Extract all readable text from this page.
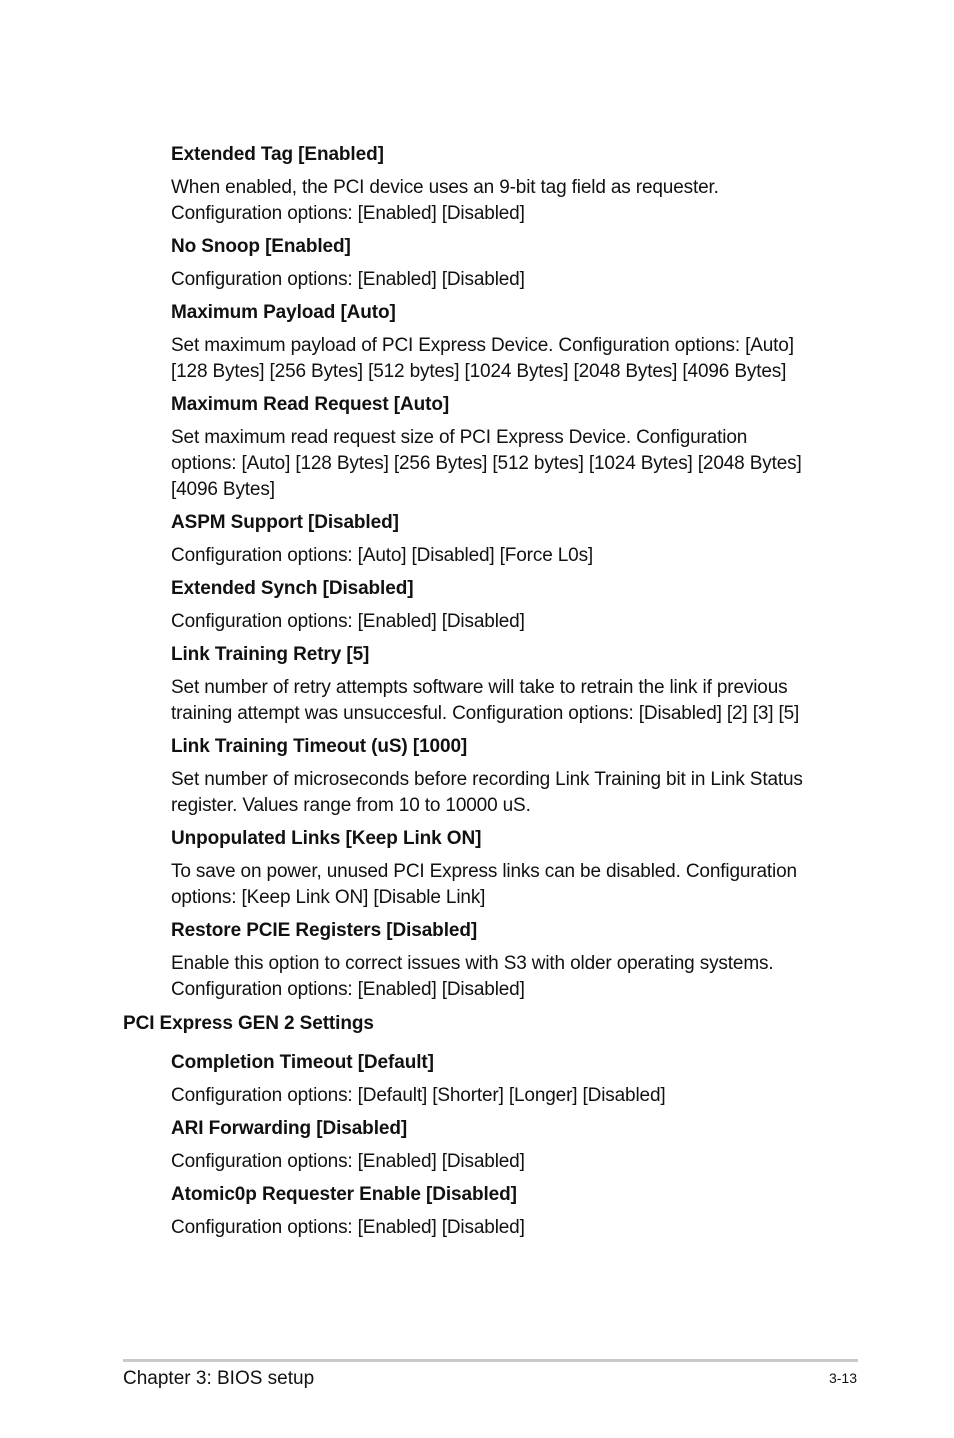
Extended Tag [Enabled]
When enabled, the PCI device uses an 9-bit tag field as requester.
Configuration options: [Enabled] [Disabled]
No Snoop [Enabled]
Configuration options: [Enabled] [Disabled]
Maximum Payload [Auto]
Set maximum payload of PCI Express Device. Configuration options: [Auto]
[128 Bytes] [256 Bytes] [512 bytes] [1024 Bytes] [2048 Bytes] [4096 Bytes]
Maximum Read Request [Auto]
Set maximum read request size of PCI Express Device. Configuration
options: [Auto] [128 Bytes] [256 Bytes] [512 bytes] [1024 Bytes] [2048 Bytes]
[4096 Bytes]
ASPM Support [Disabled]
Configuration options: [Auto] [Disabled] [Force L0s]
Extended Synch [Disabled]
Configuration options: [Enabled] [Disabled]
Link Training Retry [5]
Set number of retry attempts software will take to retrain the link if previous
training attempt was unsuccesful. Configuration options: [Disabled] [2] [3] [5]
Link Training Timeout (uS) [1000]
Set number of microseconds before recording Link Training bit in Link Status
register. Values range from 10 to 10000 uS.
Unpopulated Links [Keep Link ON]
To save on power, unused PCI Express links can be disabled. Configuration
options: [Keep Link ON] [Disable Link]
Restore PCIE Registers [Disabled]
Enable this option to correct issues with S3 with older operating systems.
Configuration options: [Enabled] [Disabled]
PCI Express GEN 2 Settings
Completion Timeout [Default]
Configuration options: [Default] [Shorter] [Longer] [Disabled]
ARI Forwarding [Disabled]
Configuration options: [Enabled] [Disabled]
Atomic0p Requester Enable [Disabled]
Configuration options: [Enabled] [Disabled]
Chapter 3: BIOS setup	3-13
